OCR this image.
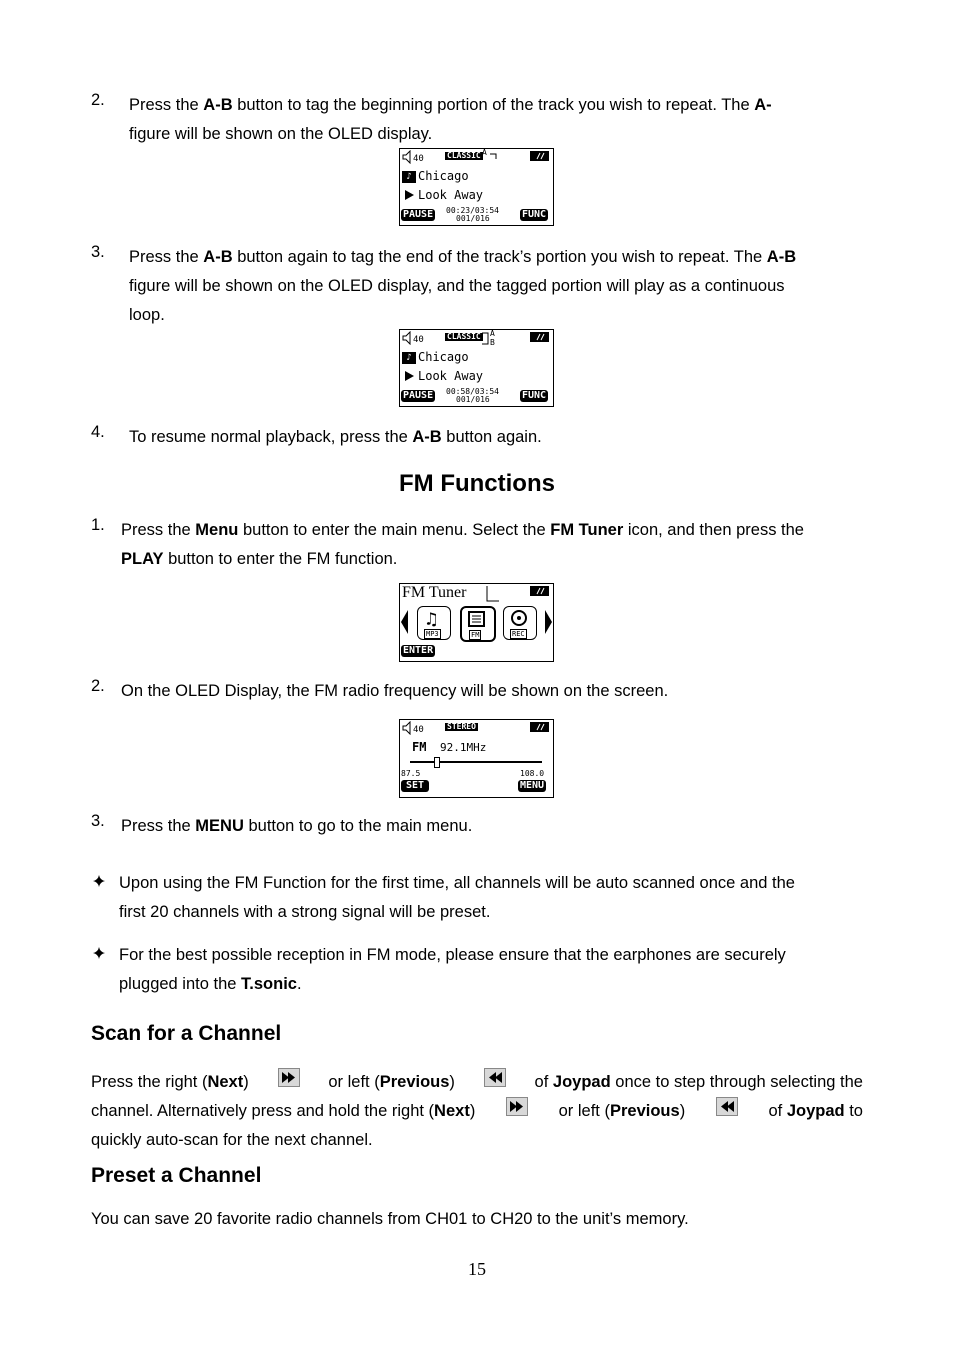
2. Press the A-B button to tag the beginning portion of the track you wish to repeat. The A-
figure will be shown on the OLED display.
40	CLASSIC A
♪ Chicago
Look Away
PAUSE 00:23/03:54
001/016	FUNC
3. Press the A-B button again to tag the end of the track’s portion you wish to repeat. The A-B
figure will be shown on the OLED display, and the tagged portion will play as a continuous
loop.
40	CLASSIC A
B
♪ Chicago
Look Away
PAUSE 00:58/03:54
001/016	FUNC
4. To resume normal playback, press the A-B button again.
FM Functions
1. Press the Menu button to enter the main menu. Select the FM Tuner icon, and then press the
PLAY button to enter the FM function.
FM Tuner
♫
MP3	FM	REC
ENTER
2. On the OLED Display, the FM radio frequency will be shown on the screen.
40	STEREO
FM 92.1MHz
87.5	108.0
SET	MENU
3. Press the MENU button to go to the main menu.
Upon using the FM Function for the first time, all channels will be auto scanned once and the
first 20 channels with a strong signal will be preset.
For the best possible reception in FM mode, please ensure that the earphones are securely
plugged into the T.sonic.
Scan for a Channel
Press the right (Next)	or left (Previous)	of Joypad once to step through selecting the
channel. Alternatively press and hold the right (Next)	or left (Previous)	of Joypad to
quickly auto-scan for the next channel.
Preset a Channel
You can save 20 favorite radio channels from CH01 to CH20 to the unit’s memory.
15
